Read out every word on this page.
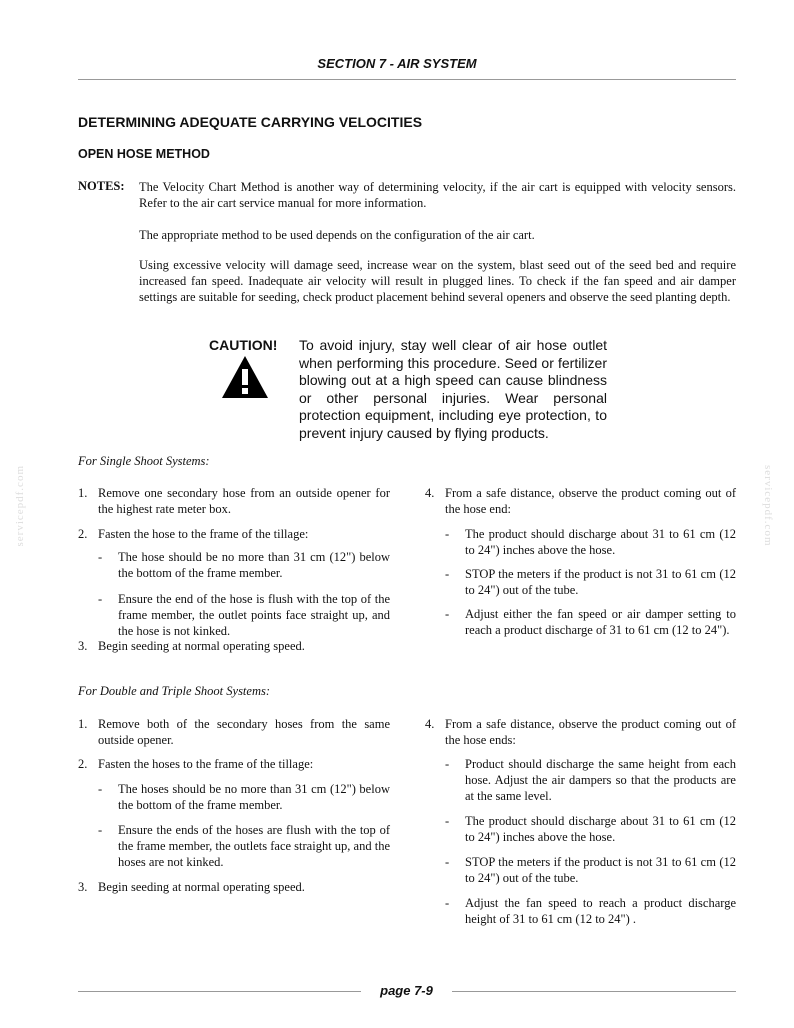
SECTION 7 - AIR SYSTEM
DETERMINING ADEQUATE CARRYING VELOCITIES
OPEN HOSE METHOD
NOTES: The Velocity Chart Method is another way of determining velocity, if the air cart is equipped with velocity sensors. Refer to the air cart service manual for more information.
The appropriate method to be used depends on the configuration of the air cart.
Using excessive velocity will damage seed, increase wear on the system, blast seed out of the seed bed and require increased fan speed. Inadequate air velocity will result in plugged lines. To check if the fan speed and air damper settings are suitable for seeding, check product placement behind several openers and observe the seed planting depth.
CAUTION! To avoid injury, stay well clear of air hose outlet when performing this procedure. Seed or fertilizer blowing out at a high speed can cause blindness or other personal injuries. Wear personal protection equipment, including eye protection, to prevent injury caused by flying products.
For Single Shoot Systems:
1. Remove one secondary hose from an outside opener for the highest rate meter box.
2. Fasten the hose to the frame of the tillage:
- The hose should be no more than 31 cm (12") below the bottom of the frame member.
- Ensure the end of the hose is flush with the top of the frame member, the outlet points face straight up, and the hose is not kinked.
3. Begin seeding at normal operating speed.
4. From a safe distance, observe the product coming out of the hose end:
- The product should discharge about 31 to 61 cm (12 to 24") inches above the hose.
- STOP the meters if the product is not 31 to 61 cm (12 to 24") out of the tube.
- Adjust either the fan speed or air damper setting to reach a product discharge of 31 to 61 cm (12 to 24").
For Double and Triple Shoot Systems:
1. Remove both of the secondary hoses from the same outside opener.
2. Fasten the hoses to the frame of the tillage:
- The hoses should be no more than 31 cm (12") below the bottom of the frame member.
- Ensure the ends of the hoses are flush with the top of the frame member, the outlets face straight up, and the hoses are not kinked.
3. Begin seeding at normal operating speed.
4. From a safe distance, observe the product coming out of the hose ends:
- Product should discharge the same height from each hose. Adjust the air dampers so that the products are at the same level.
- The product should discharge about 31 to 61 cm (12 to 24") inches above the hose.
- STOP the meters if the product is not 31 to 61 cm (12 to 24") out of the tube.
- Adjust the fan speed to reach a product discharge height of 31 to 61 cm (12 to 24") .
servicepdf.com	servicepdf.com
page 7-9
